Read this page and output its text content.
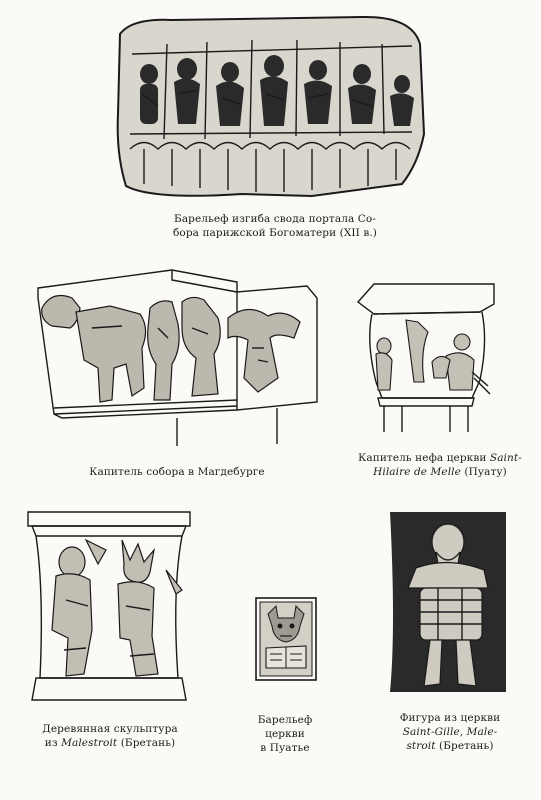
Барельеф изгиба свода портала Со-
бора парижской Богоматери (XII в.)
Капитель собора в Магдебурге
Капитель нефа церкви Saint-
Hilaire de Melle (Пуату)
Деревянная скульптура
из Malestroit (Бретань)
Барельеф
церкви
в Пуатье
Фигура из церкви
Saint-Gille, Male-
stroit (Бретань)
